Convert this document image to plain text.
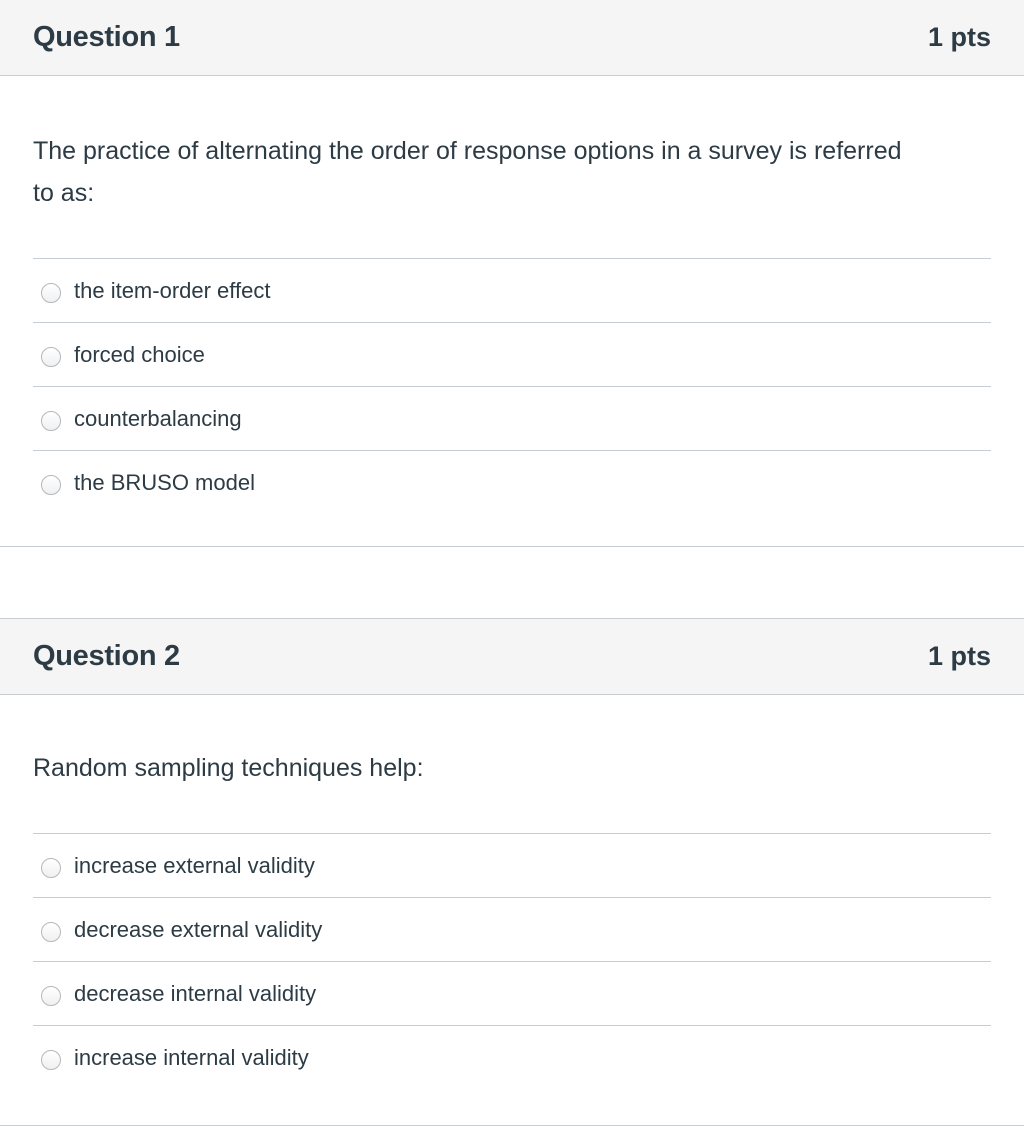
Question 1	1 pts
The practice of alternating the order of response options in a survey is referred to as:
the item-order effect
forced choice
counterbalancing
the BRUSO model
Question 2	1 pts
Random sampling techniques help:
increase external validity
decrease external validity
decrease internal validity
increase internal validity
